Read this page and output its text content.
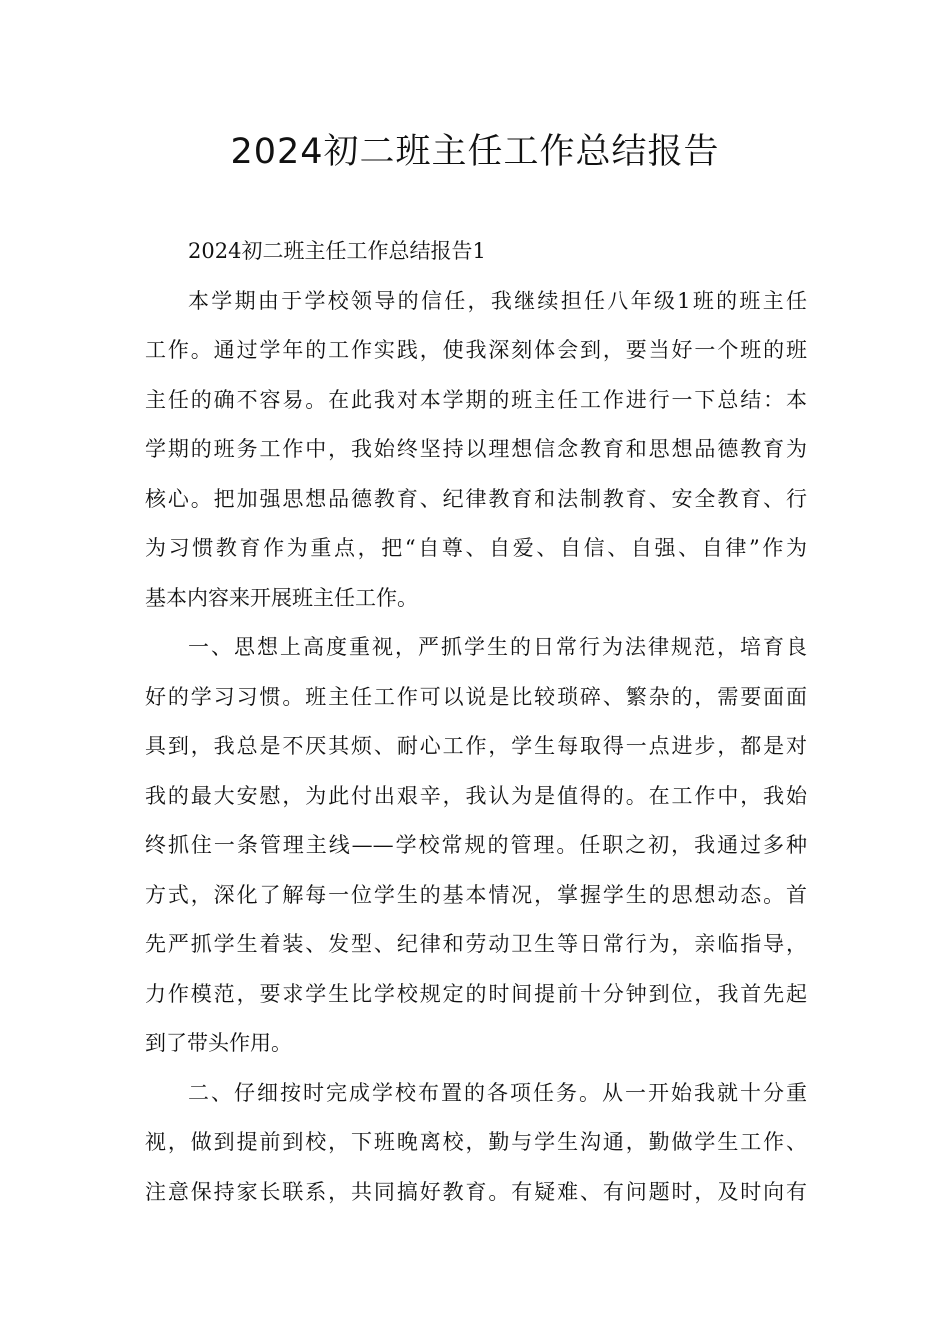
2024初二班主任工作总结报告
2024初二班主任工作总结报告1
本学期由于学校领导的信任，我继续担任八年级1班的班主任
工作。通过学年的工作实践，使我深刻体会到，要当好一个班的班
主任的确不容易。在此我对本学期的班主任工作进行一下总结：本
学期的班务工作中，我始终坚持以理想信念教育和思想品德教育为
核心。把加强思想品德教育、纪律教育和法制教育、安全教育、行
为习惯教育作为重点，把“自尊、自爱、自信、自强、自律”作为
基本内容来开展班主任工作。
一、思想上高度重视，严抓学生的日常行为法律规范，培育良
好的学习习惯。班主任工作可以说是比较琐碎、繁杂的，需要面面
具到，我总是不厌其烦、耐心工作，学生每取得一点进步，都是对
我的最大安慰，为此付出艰辛，我认为是值得的。在工作中，我始
终抓住一条管理主线——学校常规的管理。任职之初，我通过多种
方式，深化了解每一位学生的基本情况，掌握学生的思想动态。首
先严抓学生着装、发型、纪律和劳动卫生等日常行为，亲临指导，
力作模范，要求学生比学校规定的时间提前十分钟到位，我首先起
到了带头作用。
二、仔细按时完成学校布置的各项任务。从一开始我就十分重
视，做到提前到校，下班晚离校，勤与学生沟通，勤做学生工作、
注意保持家长联系，共同搞好教育。有疑难、有问题时，及时向有
